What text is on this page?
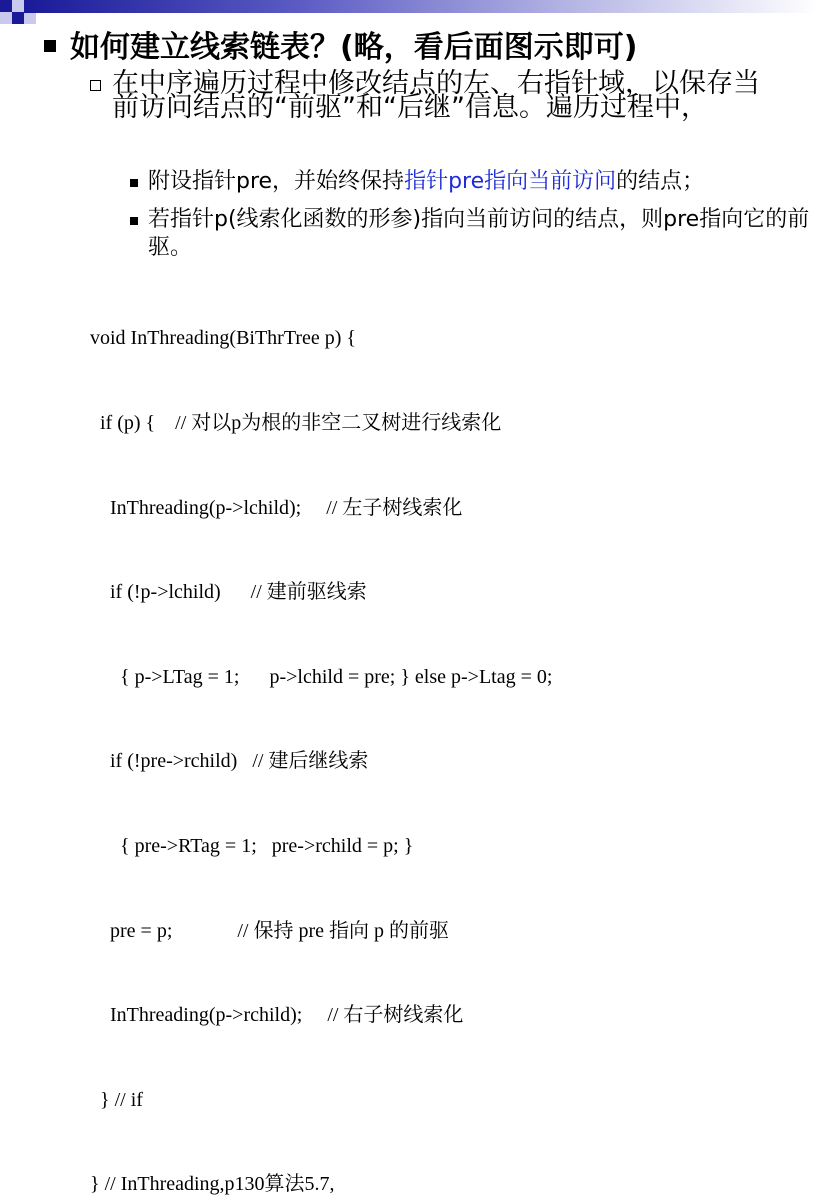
如何建立线索链表？(略，看后面图示即可)
在中序遍历过程中修改结点的左、右指针域，以保存当前访问结点的“前驱”和“后继”信息。遍历过程中，
附设指针pre，并始终保持指针pre指向当前访问的结点；
若指针p(线索化函数的形参)指向当前访问的结点，则pre指向它的前驱。

void InThreading(BiThrTree p) {

if (p) {    // 对以p为根的非空二叉树进行线索化

InThreading(p->lchild);     // 左子树线索化

if (!p->lchild)      // 建前驱线索

{ p->LTag = 1;      p->lchild = pre; } else p->Ltag = 0;

if (!pre->rchild)   // 建后继线索

{ pre->RTag = 1;   pre->rchild = p; }

pre = p;             // 保持 pre 指向 p 的前驱

InThreading(p->rchild);     // 右子树线索化

} // if

} // InThreading,p130算法5.7,
